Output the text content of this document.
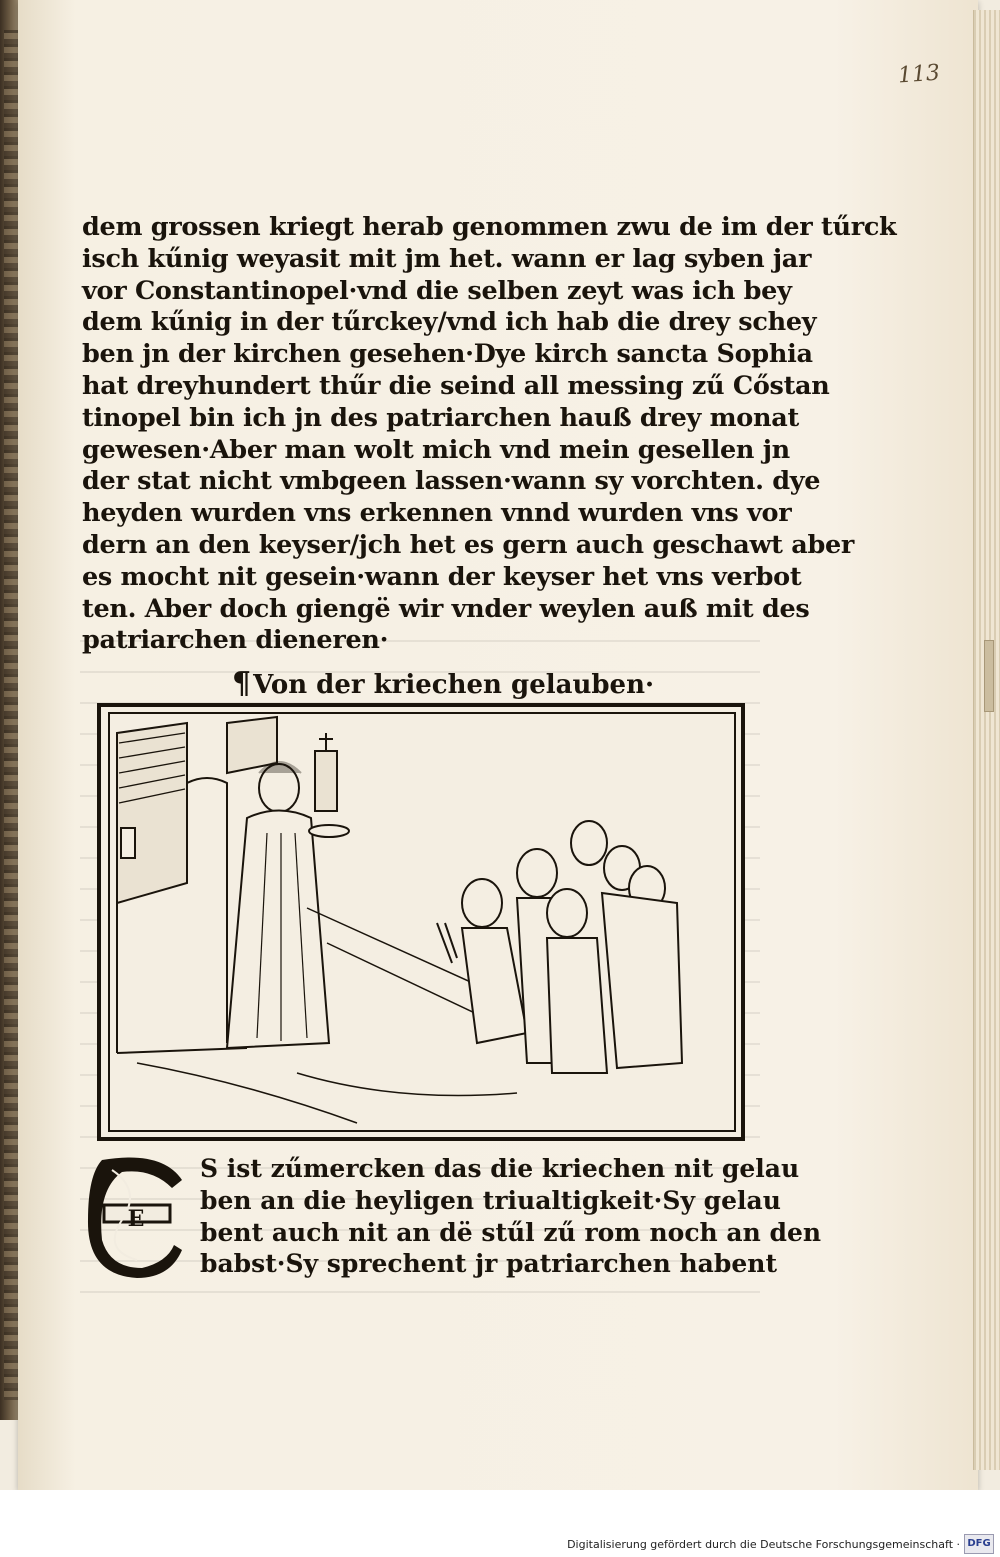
113
dem grossen kriegt herab genommen zwu de im der tűrck
isch kűnig weyasit mit jm het. wann er lag syben jar
vor Constantinopel·vnd die selben zeyt was ich bey
dem kűnig in der tűrckey/vnd ich hab die drey schey
ben jn der kirchen gesehen·Dye kirch sancta Sophia
hat dreyhundert thűr die seind all messing zű Cőstan
tinopel bin ich jn des patriarchen hauß drey monat
gewesen·Aber man wolt mich vnd mein gesellen jn
der stat nicht vmbgeen lassen·wann sy vorchten. dye
heyden wurden vns erkennen vnnd wurden vns vor
dern an den keyser/jch het es gern auch geschawt aber
es mocht nit gesein·wann der keyser het vns verbot
ten. Aber doch giengë wir vnder weylen auß mit des
patriarchen dieneren·
¶Von der kriechen gelauben·
E
S ist zűmercken das die kriechen nit gelau
ben an die heyligen triualtigkeit·Sy gelau
bent auch nit an dë stűl zű rom noch an den
babst·Sy sprechent jr patriarchen habent
Digitalisierung gefördert durch die Deutsche Forschungsgemeinschaft · DFG
